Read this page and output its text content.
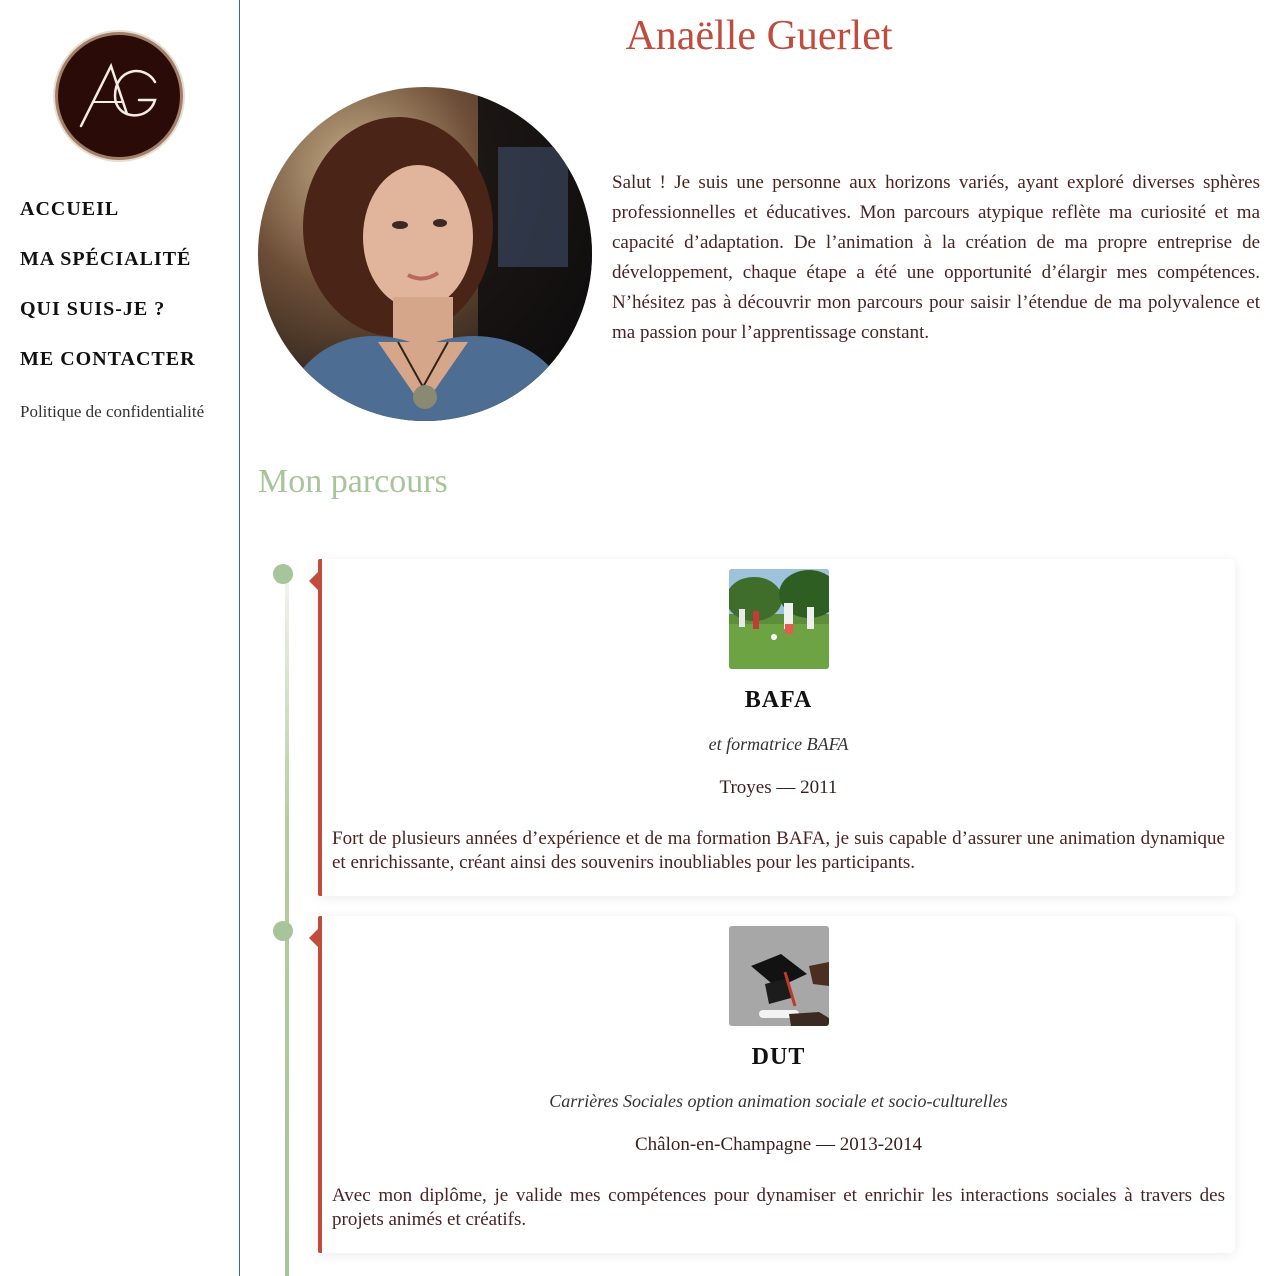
ACCUEIL
MA SPÉCIALITÉ
QUI SUIS-JE ?
ME CONTACTER
Politique de confidentialité
Anaëlle Guerlet

Salut ! Je suis une personne aux horizons variés, ayant exploré diverses sphères professionnelles et éducatives. Mon parcours atypique reflète ma curiosité et ma capacité d’adaptation. De l’animation à la création de ma propre entreprise de développement, chaque étape a été une opportunité d’élargir mes compétences. N’hésitez pas à découvrir mon parcours pour saisir l’étendue de ma polyvalence et ma passion pour l’apprentissage constant.

Mon parcours
BAFA

et formatrice BAFA

Troyes — 2011

Fort de plusieurs années d’expérience et de ma formation BAFA, je suis capable d’assurer une animation dynamique et enrichissante, créant ainsi des souvenirs inoubliables pour les participants.

DUT

Carrières Sociales option animation sociale et socio-culturelles

Châlon-en-Champagne — 2013-2014

Avec mon diplôme, je valide mes compétences pour dynamiser et enrichir les interactions sociales à travers des projets animés et créatifs.
